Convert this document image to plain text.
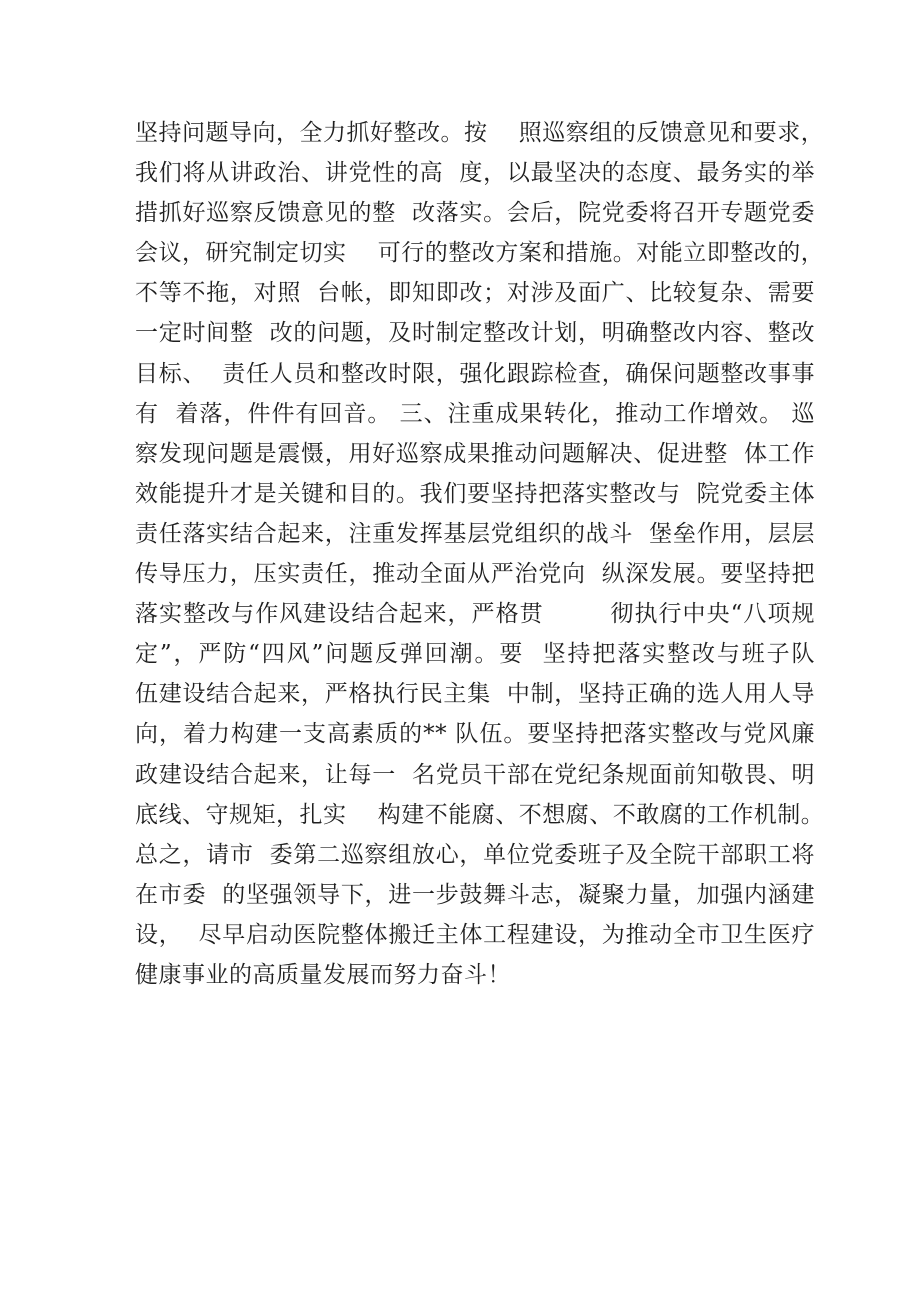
坚持问题导向，全力抓好整改。按    照巡察组的反馈意见和要求，
我们将从讲政治、讲党性的高  度，以最坚决的态度、最务实的举
措抓好巡察反馈意见的整  改落实。会后，院党委将召开专题党委
会议，研究制定切实    可行的整改方案和措施。对能立即整改的，
不等不拖，对照  台帐，即知即改；对涉及面广、比较复杂、需要
一定时间整  改的问题，及时制定整改计划，明确整改内容、整改
目标、  责任人员和整改时限，强化跟踪检查，确保问题整改事事
有  着落，件件有回音。 三、注重成果转化，推动工作增效。 巡
察发现问题是震慑，用好巡察成果推动问题解决、促进整  体工作
效能提升才是关键和目的。我们要坚持把落实整改与  院党委主体
责任落实结合起来，注重发挥基层党组织的战斗  堡垒作用，层层
传导压力，压实责任，推动全面从严治党向  纵深发展。要坚持把
落实整改与作风建设结合起来，严格贯        彻执行中央“八项规
定”，严防“四风”问题反弹回潮。要  坚持把落实整改与班子队
伍建设结合起来，严格执行民主集  中制，坚持正确的选人用人导
向，着力构建一支高素质的** 队伍。要坚持把落实整改与党风廉
政建设结合起来，让每一  名党员干部在党纪条规面前知敬畏、明
底线、守规矩，扎实    构建不能腐、不想腐、不敢腐的工作机制。
总之，请市  委第二巡察组放心，单位党委班子及全院干部职工将
在市委  的坚强领导下，进一步鼓舞斗志，凝聚力量，加强内涵建
设，  尽早启动医院整体搬迁主体工程建设，为推动全市卫生医疗
健康事业的高质量发展而努力奋斗！
